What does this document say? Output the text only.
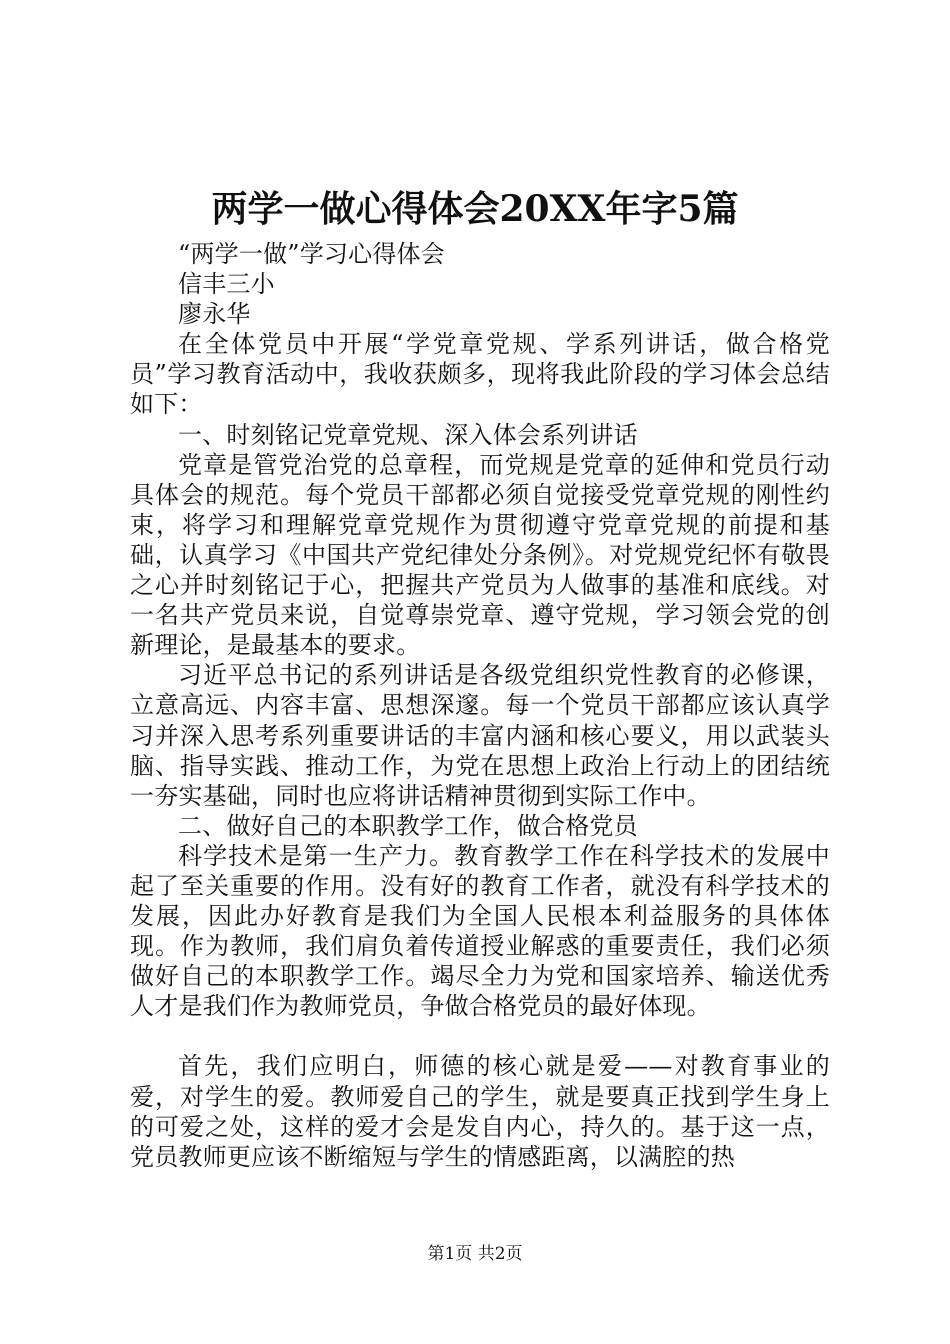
两学一做心得体会20XX年字5篇

“两学一做”学习心得体会

信丰三小

廖永华

在全体党员中开展“学党章党规、学系列讲话，做合格党员”学习教育活动中，我收获颇多，现将我此阶段的学习体会总结如下：

一、时刻铭记党章党规、深入体会系列讲话

党章是管党治党的总章程，而党规是党章的延伸和党员行动具体会的规范。每个党员干部都必须自觉接受党章党规的刚性约束，将学习和理解党章党规作为贯彻遵守党章党规的前提和基础，认真学习《中国共产党纪律处分条例》。对党规党纪怀有敬畏之心并时刻铭记于心，把握共产党员为人做事的基准和底线。对一名共产党员来说，自觉尊崇党章、遵守党规，学习领会党的创新理论，是最基本的要求。

习近平总书记的系列讲话是各级党组织党性教育的必修课，立意高远、内容丰富、思想深邃。每一个党员干部都应该认真学习并深入思考系列重要讲话的丰富内涵和核心要义，用以武装头脑、指导实践、推动工作，为党在思想上政治上行动上的团结统一夯实基础，同时也应将讲话精神贯彻到实际工作中。

二、做好自己的本职教学工作，做合格党员

科学技术是第一生产力。教育教学工作在科学技术的发展中起了至关重要的作用。没有好的教育工作者，就没有科学技术的发展，因此办好教育是我们为全国人民根本利益服务的具体体现。作为教师，我们肩负着传道授业解惑的重要责任，我们必须做好自己的本职教学工作。竭尽全力为党和国家培养、输送优秀人才是我们作为教师党员，争做合格党员的最好体现。

首先，我们应明白，师德的核心就是爱——对教育事业的爱，对学生的爱。教师爱自己的学生，就是要真正找到学生身上的可爱之处，这样的爱才会是发自内心，持久的。基于这一点，党员教师更应该不断缩短与学生的情感距离，以满腔的热

第1页 共2页
